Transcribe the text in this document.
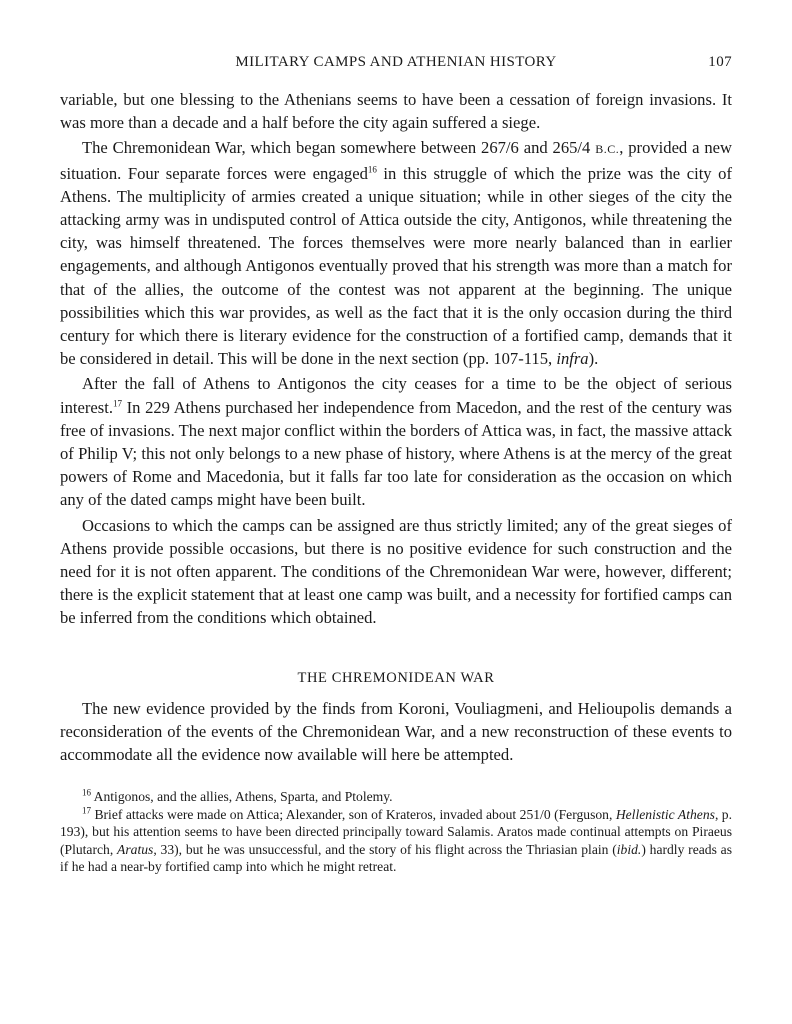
MILITARY CAMPS AND ATHENIAN HISTORY	107

variable, but one blessing to the Athenians seems to have been a cessation of foreign invasions. It was more than a decade and a half before the city again suffered a siege.

The Chremonidean War, which began somewhere between 267/6 and 265/4 B.C., provided a new situation. Four separate forces were engaged$^{16}$ in this struggle of which the prize was the city of Athens. The multiplicity of armies created a unique situation; while in other sieges of the city the attacking army was in undisputed control of Attica outside the city, Antigonos, while threatening the city, was himself threatened. The forces themselves were more nearly balanced than in earlier engagements, and although Antigonos eventually proved that his strength was more than a match for that of the allies, the outcome of the contest was not apparent at the beginning. The unique possibilities which this war provides, as well as the fact that it is the only occasion during the third century for which there is literary evidence for the construction of a fortified camp, demands that it be considered in detail. This will be done in the next section (pp. 107-115, infra).

After the fall of Athens to Antigonos the city ceases for a time to be the object of serious interest.$^{17}$ In 229 Athens purchased her independence from Macedon, and the rest of the century was free of invasions. The next major conflict within the borders of Attica was, in fact, the massive attack of Philip V; this not only belongs to a new phase of history, where Athens is at the mercy of the great powers of Rome and Macedonia, but it falls far too late for consideration as the occasion on which any of the dated camps might have been built.

Occasions to which the camps can be assigned are thus strictly limited; any of the great sieges of Athens provide possible occasions, but there is no positive evidence for such construction and the need for it is not often apparent. The conditions of the Chremonidean War were, however, different; there is the explicit statement that at least one camp was built, and a necessity for fortified camps can be inferred from the conditions which obtained.

THE CHREMONIDEAN WAR

The new evidence provided by the finds from Koroni, Vouliagmeni, and Helioupolis demands a reconsideration of the events of the Chremonidean War, and a new reconstruction of these events to accommodate all the evidence now available will here be attempted.

$^{16}$ Antigonos, and the allies, Athens, Sparta, and Ptolemy.

$^{17}$ Brief attacks were made on Attica; Alexander, son of Krateros, invaded about 251/0 (Ferguson, Hellenistic Athens, p. 193), but his attention seems to have been directed principally toward Salamis. Aratos made continual attempts on Piraeus (Plutarch, Aratus, 33), but he was unsuccessful, and the story of his flight across the Thriasian plain (ibid.) hardly reads as if he had a near-by fortified camp into which he might retreat.
